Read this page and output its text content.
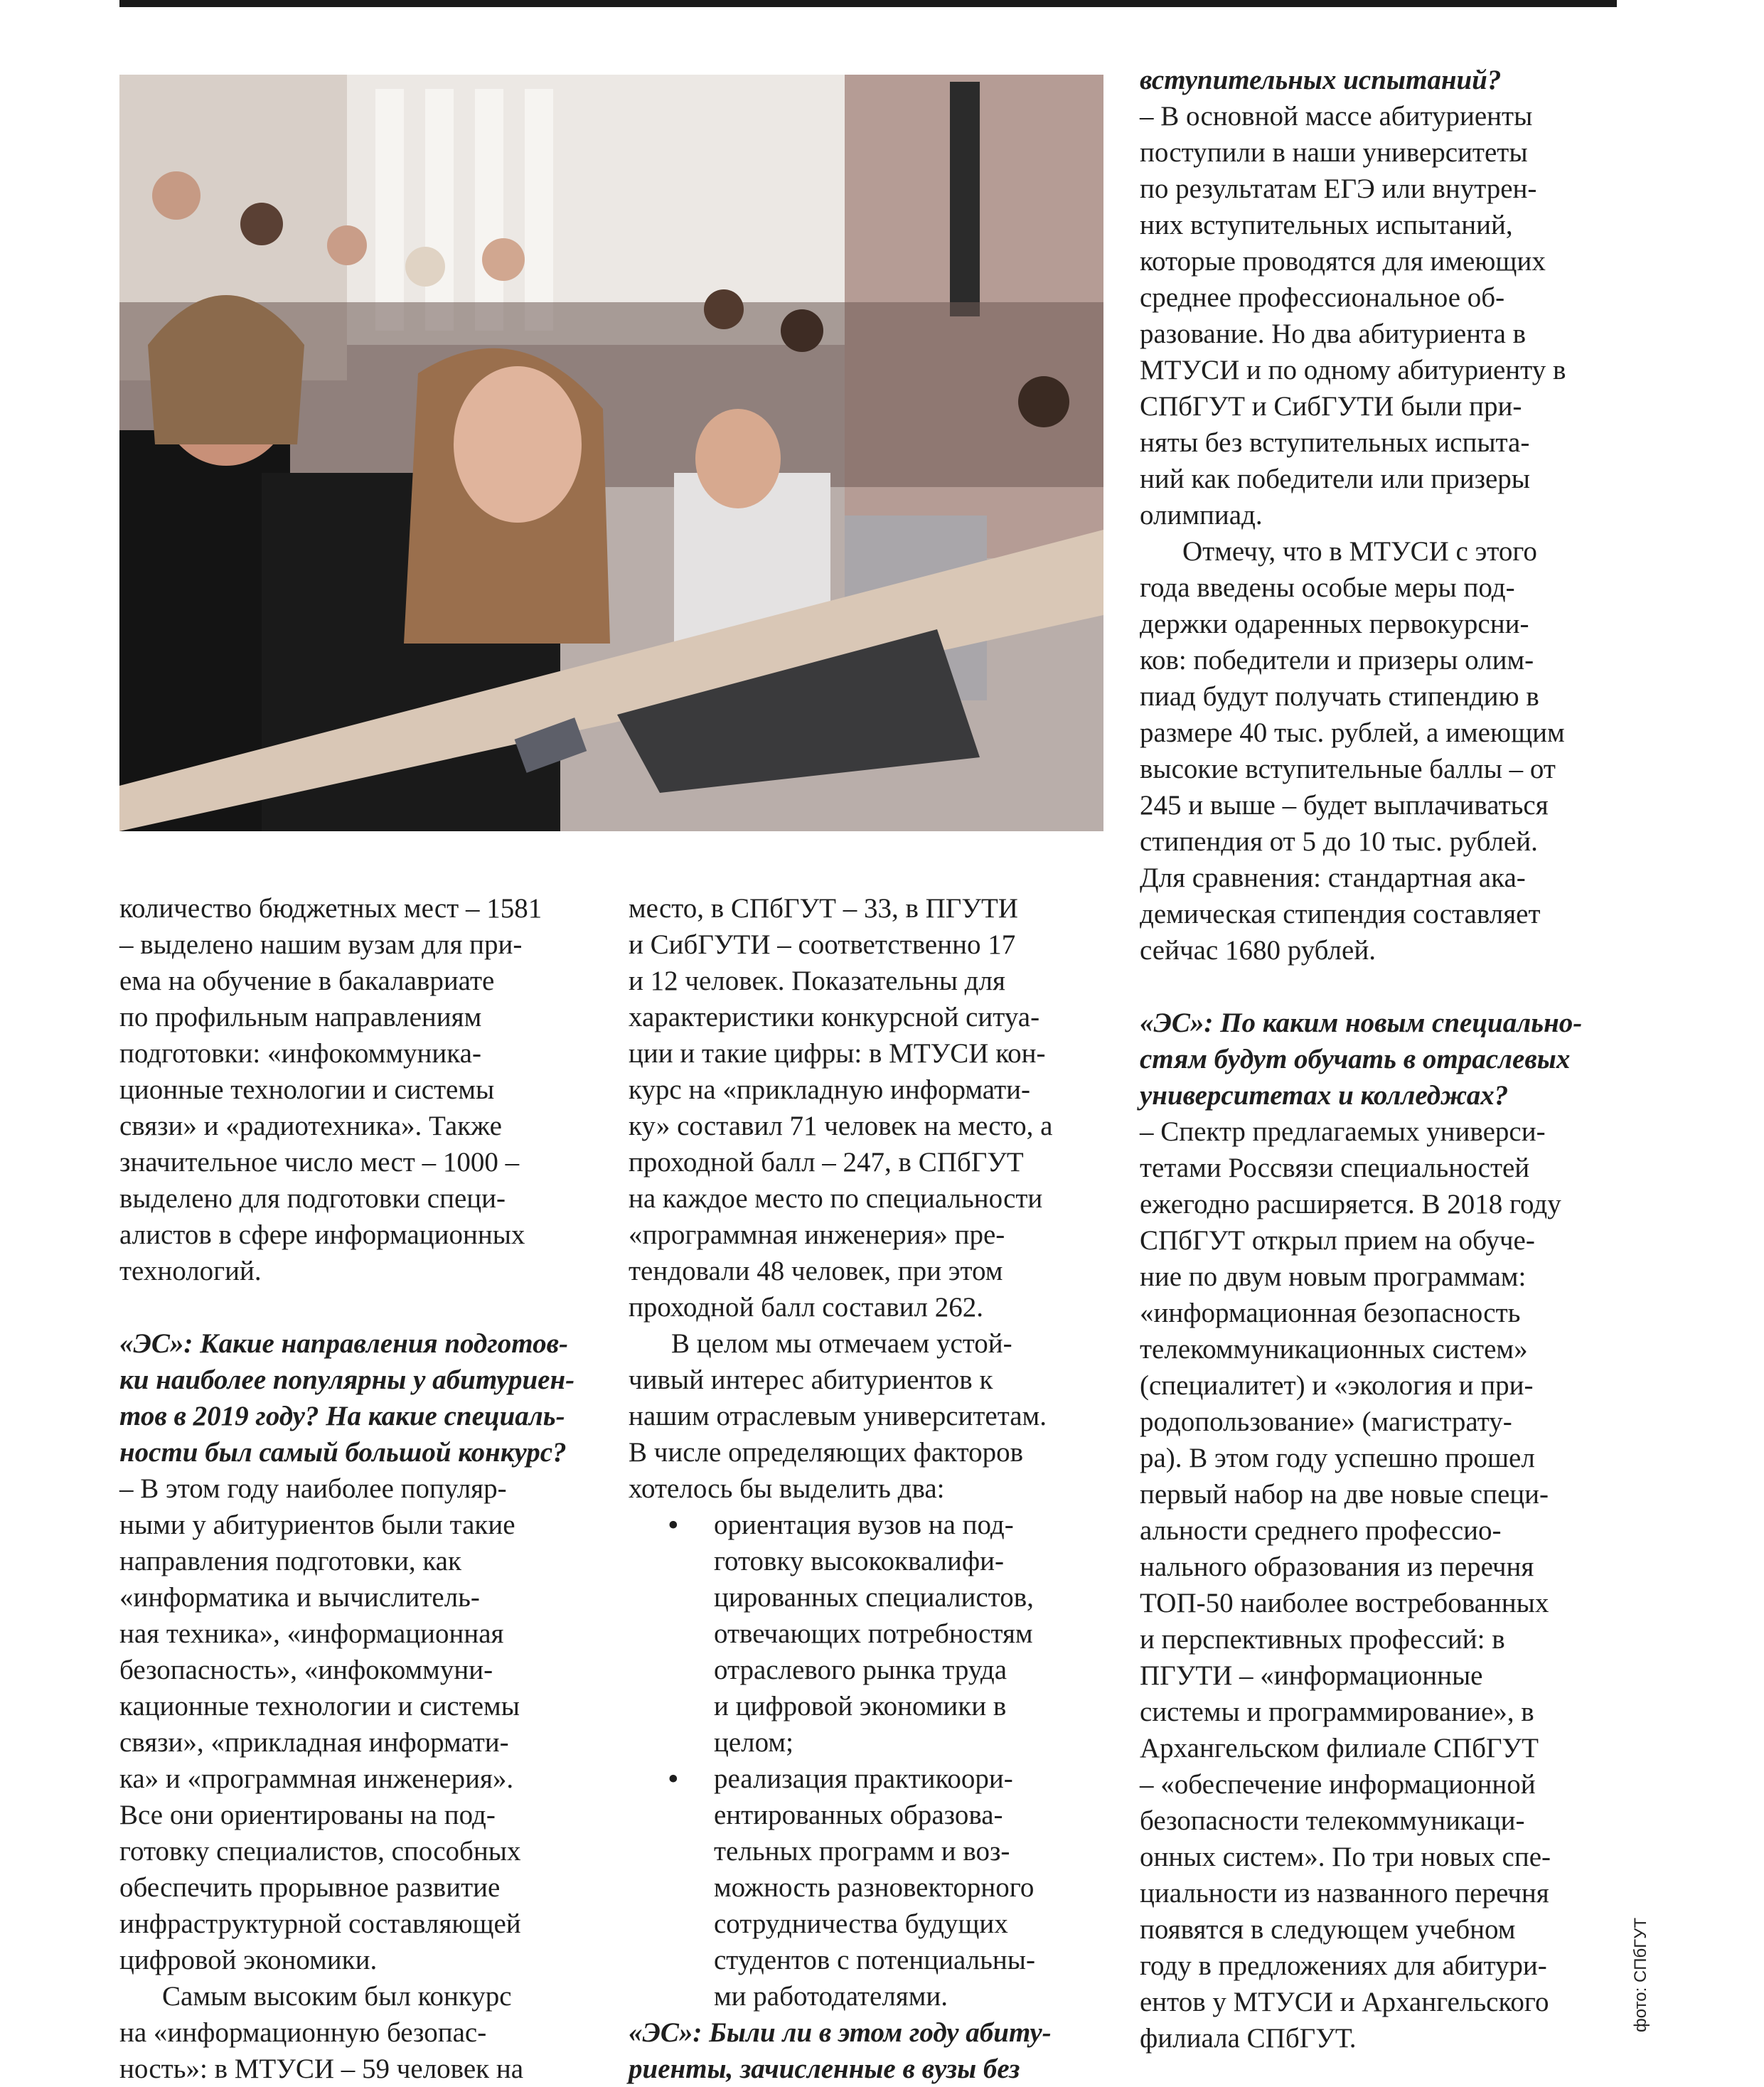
количество бюджетных мест – 1581

– выделено нашим вузам для при-

ема на обучение в бакалавриате

по профильным направлениям

подготовки: «инфокоммуника-

ционные технологии и системы

связи» и «радиотехника». Также

значительное число мест – 1000 –

выделено для подготовки специ-

алистов в сфере информационных

технологий.

«ЭС»: Какие направления подготов-

ки наиболее популярны у абитуриен-

тов в 2019 году? На какие специаль-

ности был самый большой конкурс?

– В этом году наиболее популяр-

ными у абитуриентов были такие

направления подготовки, как

«информатика и вычислитель-

ная техника», «информационная

безопасность», «инфокоммуни-

кационные технологии и системы

связи», «прикладная информати-

ка» и «программная инженерия».

Все они ориентированы на под-

готовку специалистов, способных

обеспечить прорывное развитие

инфраструктурной составляющей

цифровой экономики.

Самым высоким был конкурс

на «информационную безопас-

ность»: в МТУСИ – 59 человек на

место, в СПбГУТ – 33, в ПГУТИ

и СибГУТИ – соответственно 17

и 12 человек. Показательны для

характеристики конкурсной ситуа-

ции и такие цифры: в МТУСИ кон-

курс на «прикладную информати-

ку» составил 71 человек на место, а

проходной балл – 247, в СПбГУТ

на каждое место по специальности

«программная инженерия» пре-

тендовали 48 человек, при этом

проходной балл составил 262.

В целом мы отмечаем устой-

чивый интерес абитуриентов к

нашим отраслевым университетам.

В числе определяющих факторов

хотелось бы выделить два:

• ориентация вузов на под-

готовку высококвалифи-

цированных специалистов,

отвечающих потребностям

отраслевого рынка труда

и цифровой экономики в

целом;

• реализация практикоори-

ентированных образова-

тельных программ и воз-

можность разновекторного

сотрудничества будущих

студентов с потенциальны-

ми работодателями.

«ЭС»: Были ли в этом году абиту-

риенты, зачисленные в вузы без

вступительных испытаний?

– В основной массе абитуриенты

поступили в наши университеты

по результатам ЕГЭ или внутрен-

них вступительных испытаний,

которые проводятся для имеющих

среднее профессиональное об-

разование. Но два абитуриента в

МТУСИ и по одному абитуриенту в

СПбГУТ и СибГУТИ были при-

няты без вступительных испыта-

ний как победители или призеры

олимпиад.

Отмечу, что в МТУСИ с этого

года введены особые меры под-

держки одаренных первокурсни-

ков: победители и призеры олим-

пиад будут получать стипендию в

размере 40 тыс. рублей, а имеющим

высокие вступительные баллы – от

245 и выше – будет выплачиваться

стипендия от 5 до 10 тыс. рублей.

Для сравнения: стандартная ака-

демическая стипендия составляет

сейчас 1680 рублей.

«ЭС»: По каким новым специально-

стям будут обучать в отраслевых

университетах и колледжах?

– Спектр предлагаемых универси-

тетами Россвязи специальностей

ежегодно расширяется. В 2018 году

СПбГУТ открыл прием на обуче-

ние по двум новым программам:

«информационная безопасность

телекоммуникационных систем»

(специалитет) и «экология и при-

родопользование» (магистрату-

ра). В этом году успешно прошел

первый набор на две новые специ-

альности среднего профессио-

нального образования из перечня

ТОП-50 наиболее востребованных

и перспективных профессий: в

ПГУТИ – «информационные

системы и программирование», в

Архангельском филиале СПбГУТ

– «обеспечение информационной

безопасности телекоммуникаци-

онных систем». По три новых спе-

циальности из названного перечня

появятся в следующем учебном

году в предложениях для абитури-

ентов у МТУСИ и Архангельского

филиала СПбГУТ.

фото: СПбГУТ
